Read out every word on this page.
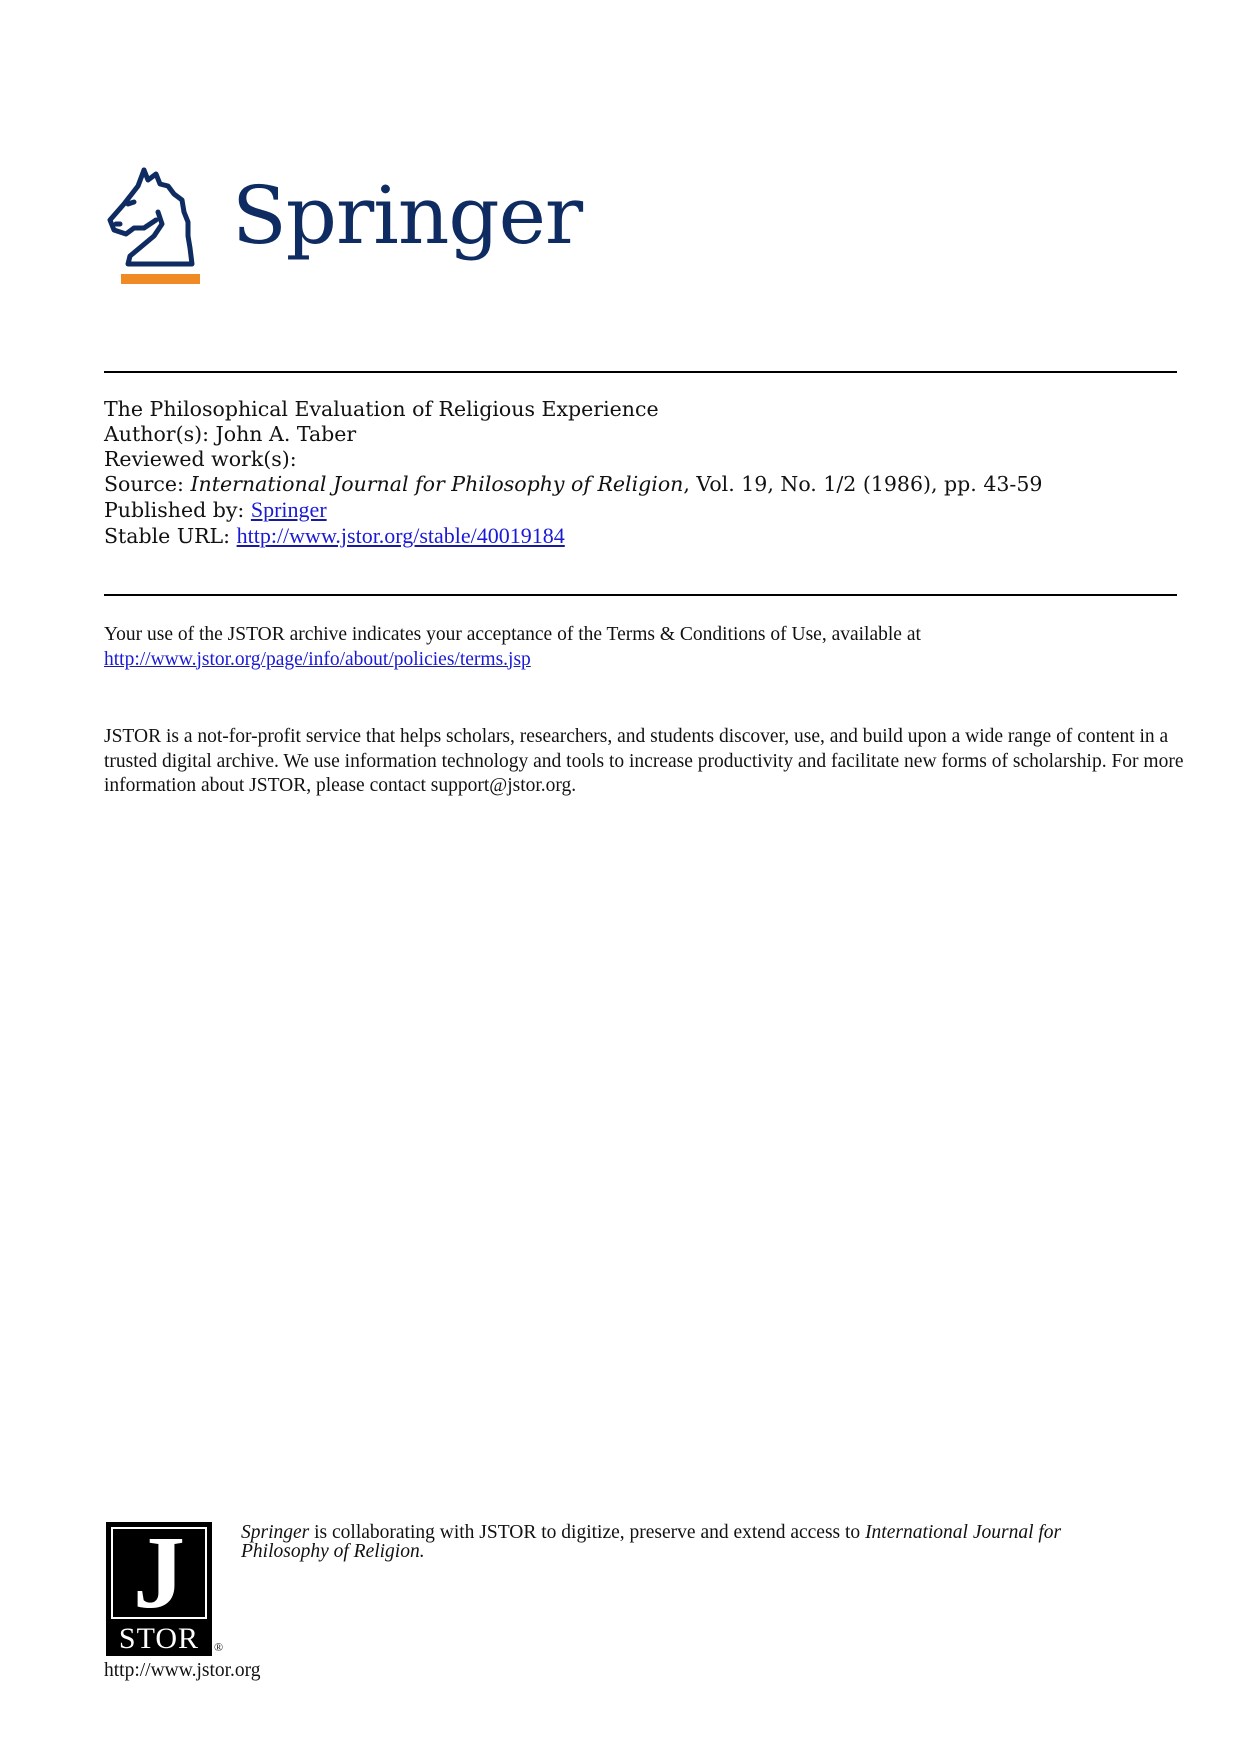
Springer
The Philosophical Evaluation of Religious Experience
Author(s): John A. Taber
Reviewed work(s):
Source: International Journal for Philosophy of Religion, Vol. 19, No. 1/2 (1986), pp. 43-59
Published by: Springer
Stable URL: http://www.jstor.org/stable/40019184
Your use of the JSTOR archive indicates your acceptance of the Terms & Conditions of Use, available at
http://www.jstor.org/page/info/about/policies/terms.jsp
JSTOR is a not-for-profit service that helps scholars, researchers, and students discover, use, and build upon a wide range of content in a trusted digital archive. We use information technology and tools to increase productivity and facilitate new forms of scholarship. For more information about JSTOR, please contact support@jstor.org.
J
STOR	®
http://www.jstor.org
Springer is collaborating with JSTOR to digitize, preserve and extend access to International Journal for
Philosophy of Religion.
